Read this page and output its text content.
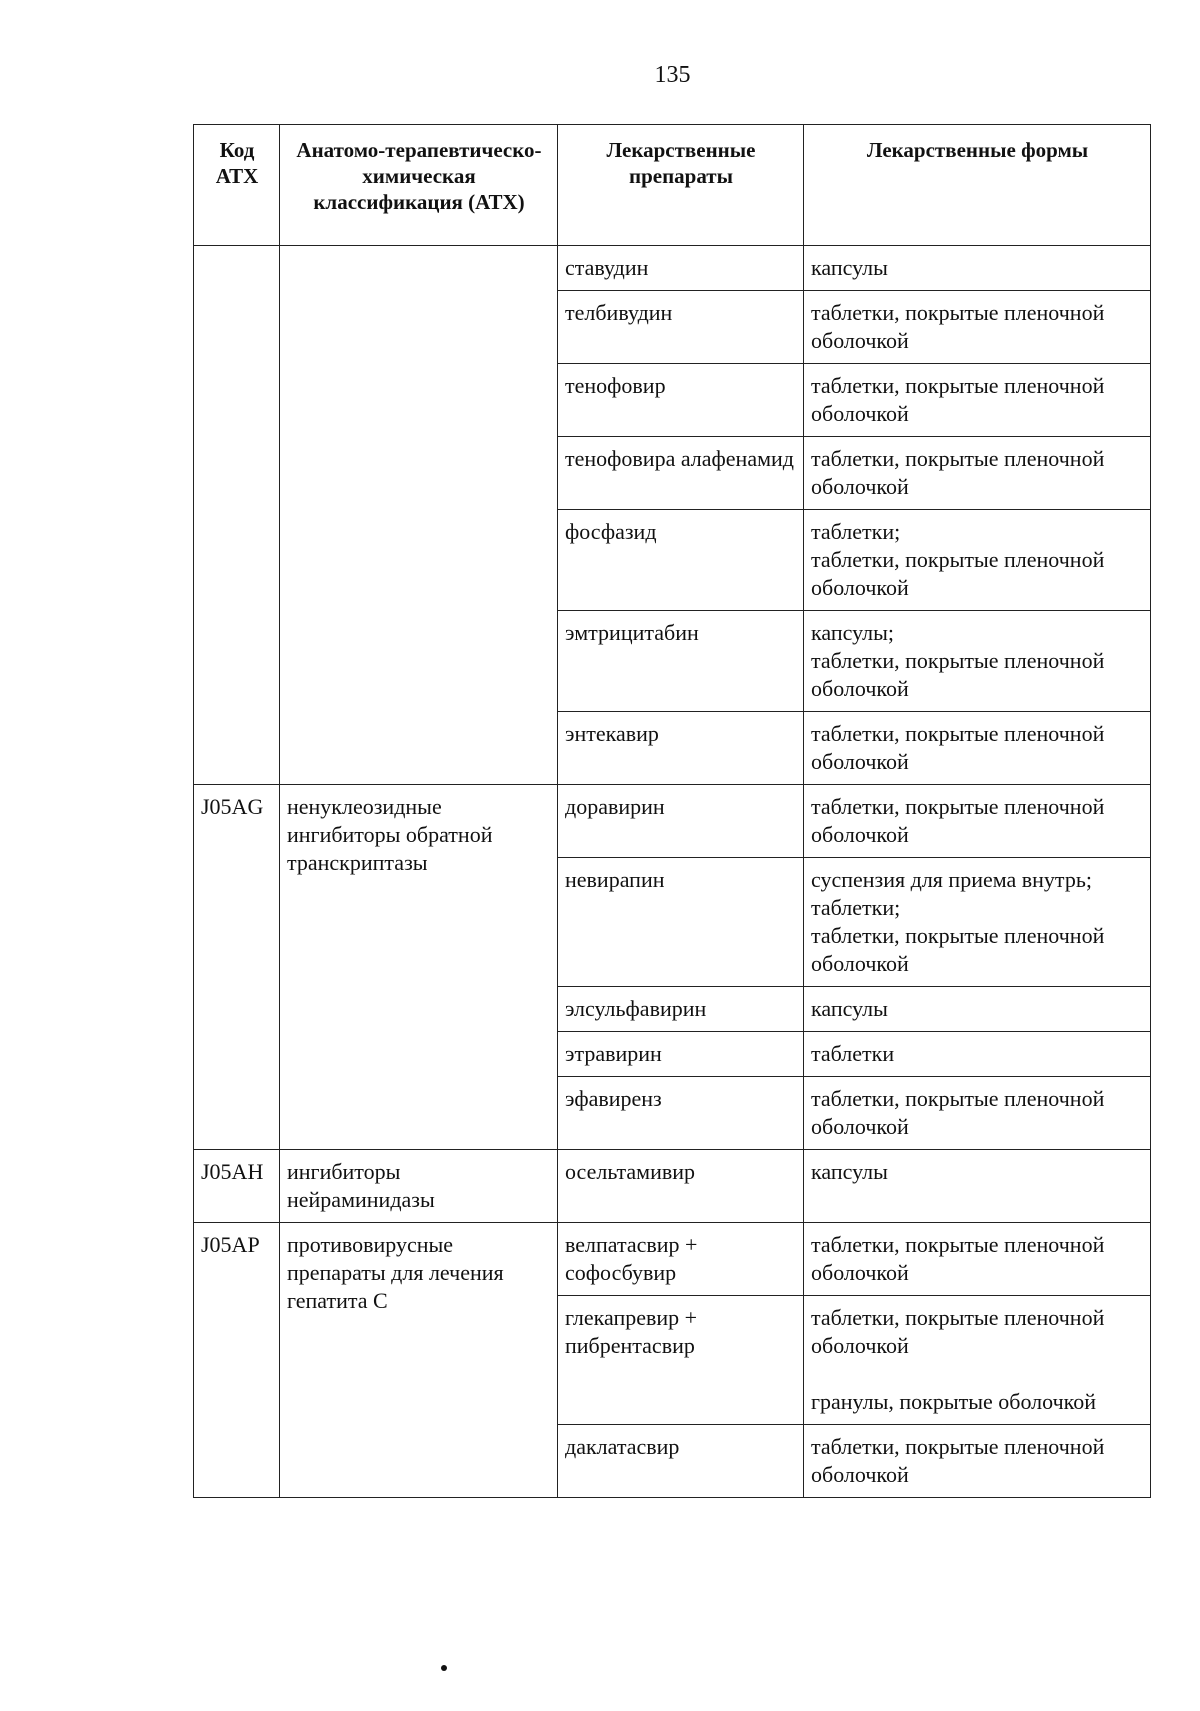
135
Код АТХ	Анатомо-терапевтическо-химическая классификация (АТХ)	Лекарственные препараты	Лекарственные формы
		ставудин	капсулы

		телбивудин	таблетки, покрытые пленочной оболочкой

		тенофовир	таблетки, покрытые пленочной оболочкой

		тенофовира алафенамид	таблетки, покрытые пленочной оболочкой

		фосфазид	таблетки;
таблетки, покрытые пленочной оболочкой

		эмтрицитабин	капсулы;
таблетки, покрытые пленочной оболочкой

		энтекавир	таблетки, покрытые пленочной оболочкой

J05AG	ненуклеозидные ингибиторы обратной транскриптазы	доравирин	таблетки, покрытые пленочной оболочкой

		невирапин	суспензия для приема внутрь;
таблетки;
таблетки, покрытые пленочной оболочкой

		элсульфавирин	капсулы

		этравирин	таблетки

		эфавиренз	таблетки, покрытые пленочной оболочкой

J05AH	ингибиторы нейраминидазы	осельтамивир	капсулы

J05AP	противовирусные препараты для лечения гепатита C	велпатасвир + софосбувир	таблетки, покрытые пленочной оболочкой

		глекапревир + пибрентасвир	таблетки, покрытые пленочной оболочкой
гранулы, покрытые оболочкой

		даклатасвир	таблетки, покрытые пленочной оболочкой
